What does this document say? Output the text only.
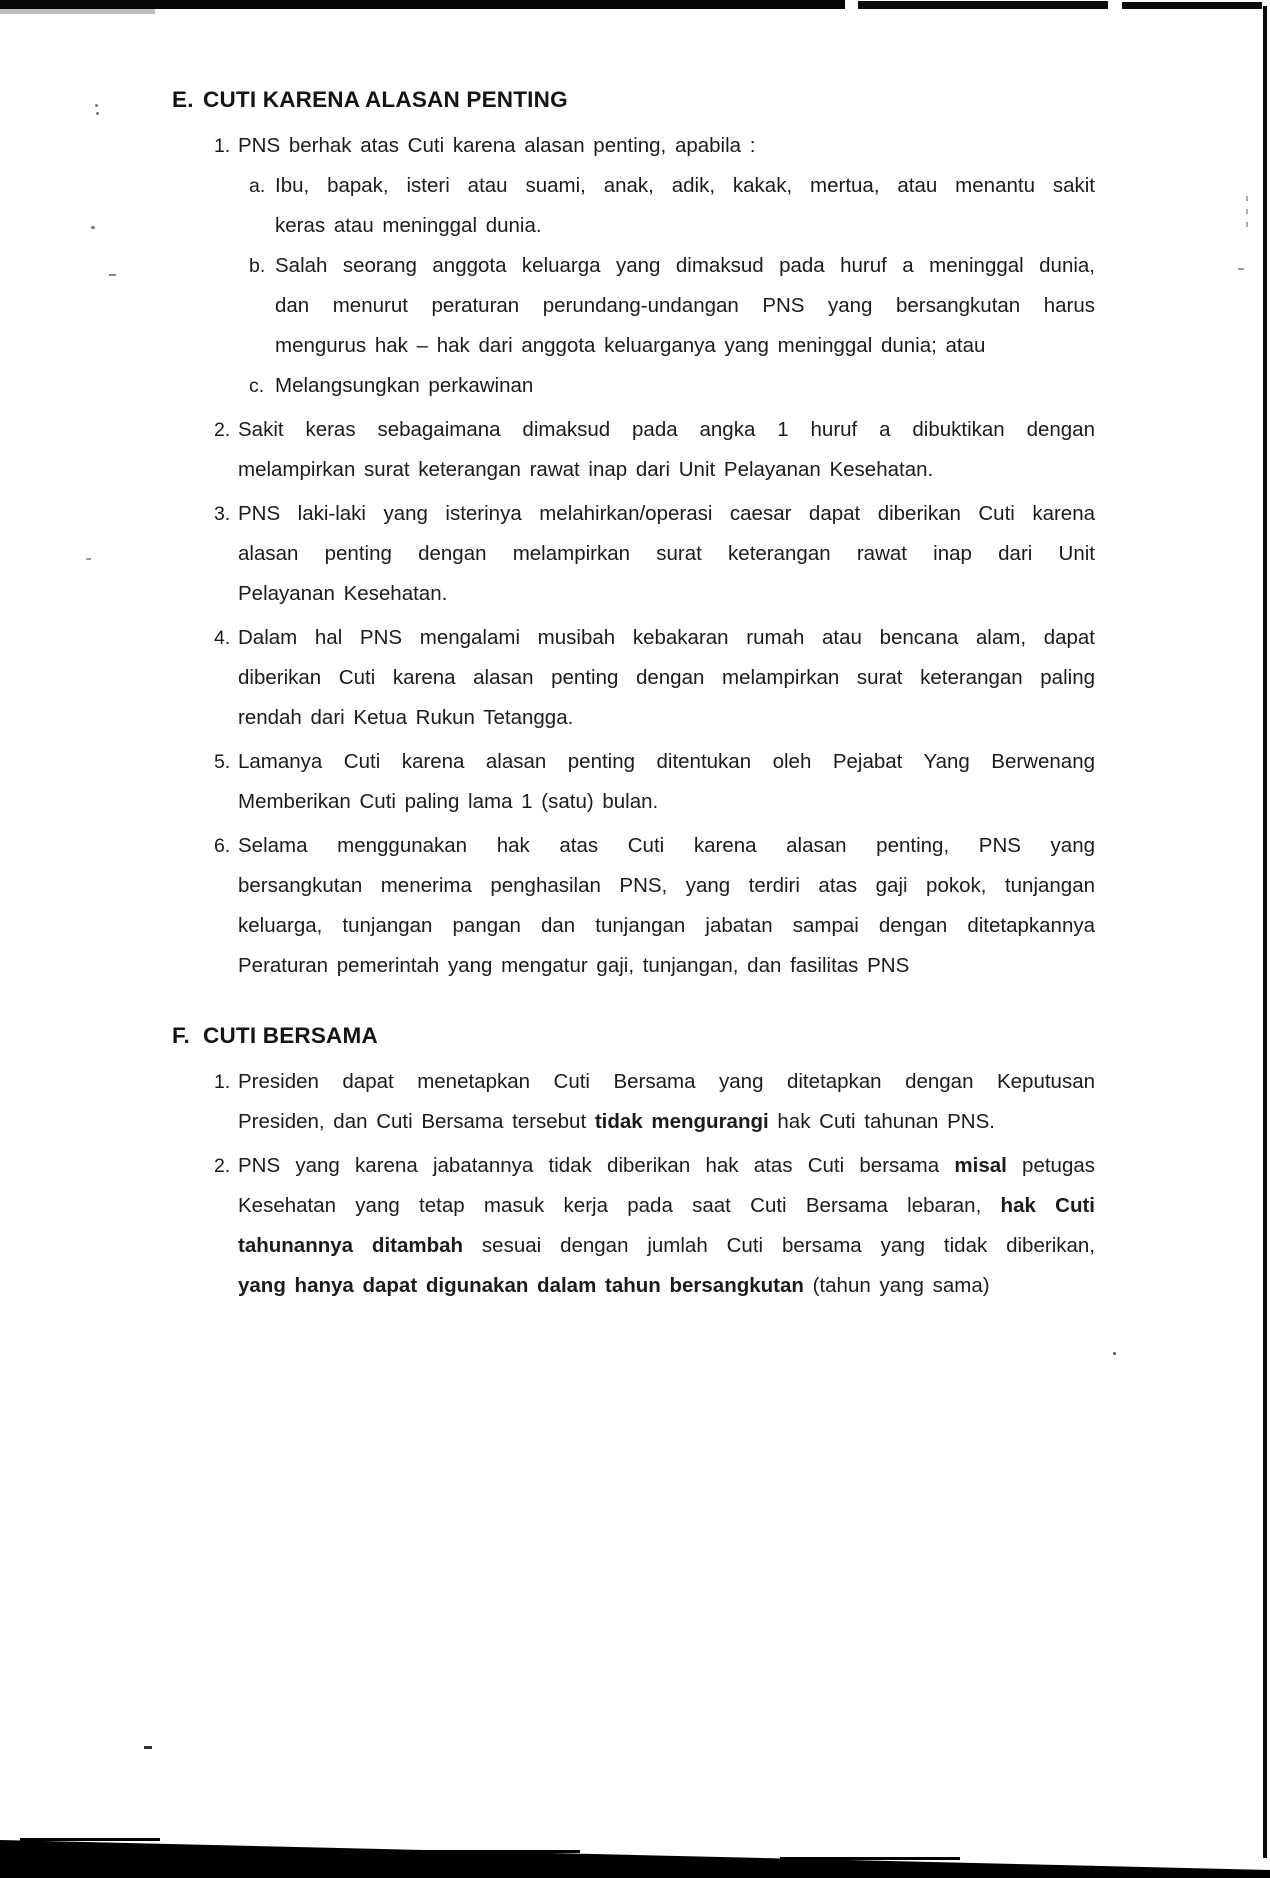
E. CUTI KARENA ALASAN PENTING
1. PNS berhak atas Cuti karena alasan penting, apabila :
a. Ibu, bapak, isteri atau suami, anak, adik, kakak, mertua, atau menantu sakit
keras atau meninggal dunia.
b. Salah seorang anggota keluarga yang dimaksud pada huruf a meninggal dunia,
dan menurut peraturan perundang-undangan PNS yang bersangkutan harus
mengurus hak – hak dari anggota keluarganya yang meninggal dunia; atau
c. Melangsungkan perkawinan
2. Sakit keras sebagaimana dimaksud pada angka 1 huruf a dibuktikan dengan
melampirkan surat keterangan rawat inap dari Unit Pelayanan Kesehatan.
3. PNS laki-laki yang isterinya melahirkan/operasi caesar dapat diberikan Cuti karena
alasan penting dengan melampirkan surat keterangan rawat inap dari Unit
Pelayanan Kesehatan.
4. Dalam hal PNS mengalami musibah kebakaran rumah atau bencana alam, dapat
diberikan Cuti karena alasan penting dengan melampirkan surat keterangan paling
rendah dari Ketua Rukun Tetangga.
5. Lamanya Cuti karena alasan penting ditentukan oleh Pejabat Yang Berwenang
Memberikan Cuti paling lama 1 (satu) bulan.
6. Selama menggunakan hak atas Cuti karena alasan penting, PNS yang
bersangkutan menerima penghasilan PNS, yang terdiri atas gaji pokok, tunjangan
keluarga, tunjangan pangan dan tunjangan jabatan sampai dengan ditetapkannya
Peraturan pemerintah yang mengatur gaji, tunjangan, dan fasilitas PNS
F. CUTI BERSAMA
1. Presiden dapat menetapkan Cuti Bersama yang ditetapkan dengan Keputusan
Presiden, dan Cuti Bersama tersebut tidak mengurangi hak Cuti tahunan PNS.
2. PNS yang karena jabatannya tidak diberikan hak atas Cuti bersama misal petugas
Kesehatan yang tetap masuk kerja pada saat Cuti Bersama lebaran, hak Cuti
tahunannya ditambah sesuai dengan jumlah Cuti bersama yang tidak diberikan,
yang hanya dapat digunakan dalam tahun bersangkutan (tahun yang sama)
